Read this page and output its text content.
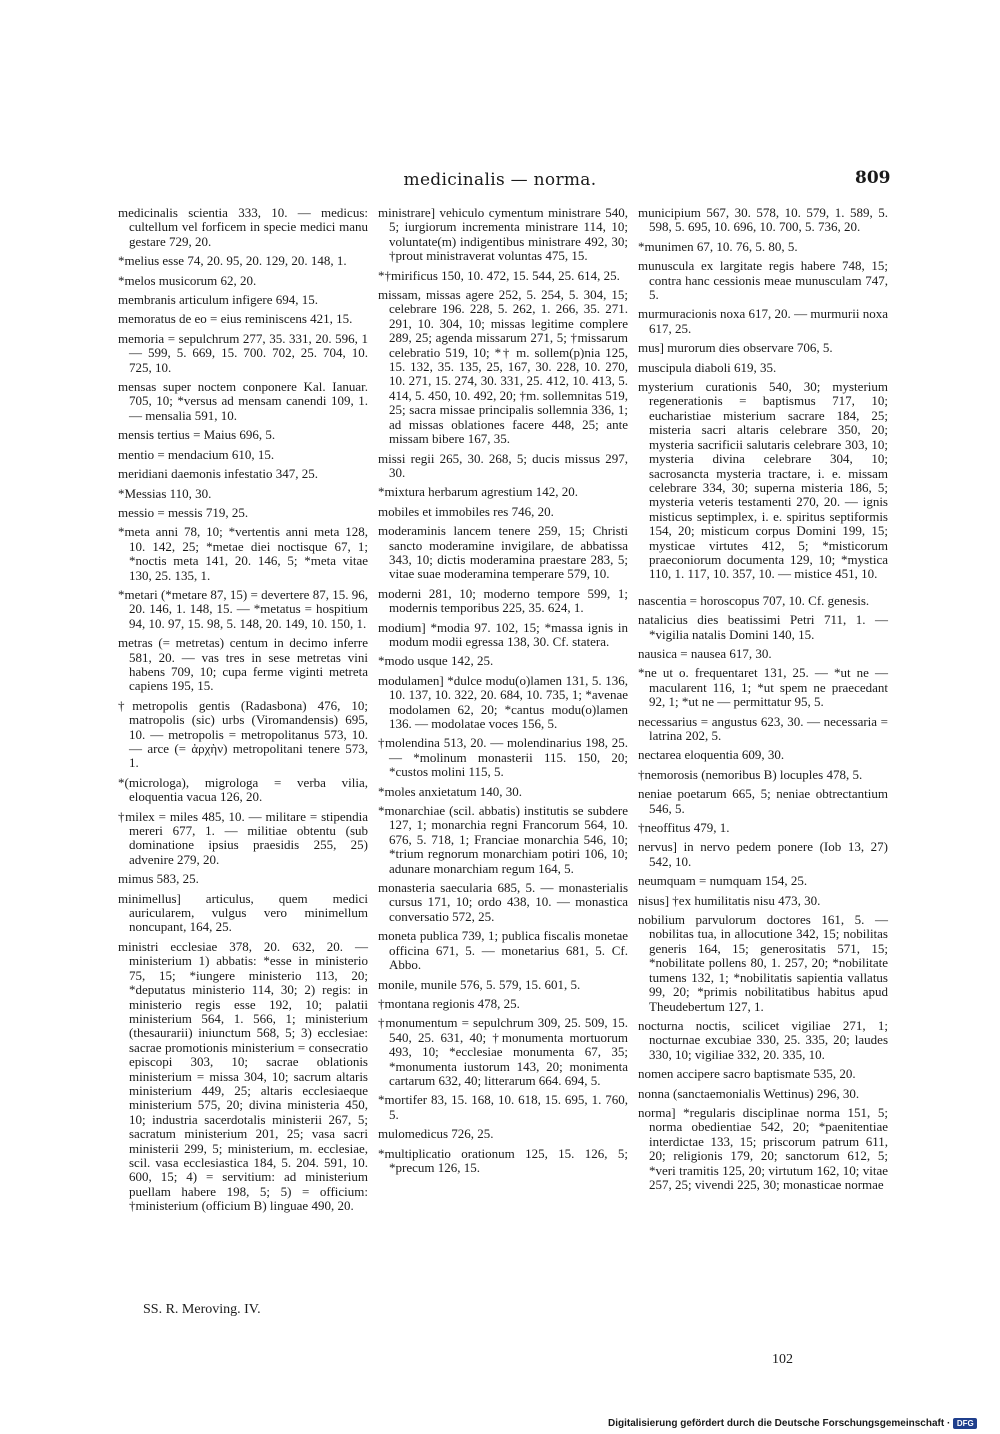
medicinalis — norma.	809

medicinalis scientia 333, 10. — medicus: cultellum vel forficem in specie medici manu gestare 729, 20.

*melius esse 74, 20. 95, 20. 129, 20. 148, 1.

*melos musicorum 62, 20.

membranis articulum infigere 694, 15.

memoratus de eo = eius reminiscens 421, 15.

memoria = sepulchrum 277, 35. 331, 20. 596, 1 — 599, 5. 669, 15. 700. 702, 25. 704, 10. 725, 10.

mensas super noctem conponere Kal. Ianuar. 705, 10; *versus ad mensam canendi 109, 1. — mensalia 591, 10.

mensis tertius = Maius 696, 5.

mentio = mendacium 610, 15.

meridiani daemonis infestatio 347, 25.

*Messias 110, 30.

messio = messis 719, 25.

*meta anni 78, 10; *vertentis anni meta 128, 10. 142, 25; *metae diei noctisque 67, 1; *noctis meta 141, 20. 146, 5; *meta vitae 130, 25. 135, 1.

*metari (*metare 87, 15) = devertere 87, 15. 96, 20. 146, 1. 148, 15. — *metatus = hospitium 94, 10. 97, 15. 98, 5. 148, 20. 149, 10. 150, 1.

metras (= metretas) centum in decimo inferre 581, 20. — vas tres in sese metretas vini habens 709, 10; cupa ferme viginti metreta capiens 195, 15.

†metropolis gentis (Radasbona) 476, 10; matropolis (sic) urbs (Viromandensis) 695, 10. — metropolis = metropolitanus 573, 10. — arce (= ἀρχὴν) metropolitani tenere 573, 1.

*(microloga), migrologa = verba vilia, eloquentia vacua 126, 20.

†milex = miles 485, 10. — militare = stipendia mereri 677, 1. — militiae obtentu (sub dominatione ipsius praesidis 255, 25) advenire 279, 20.

mimus 583, 25.

minimellus] articulus, quem medici auricularem, vulgus vero minimellum noncupant, 164, 25.

ministri ecclesiae 378, 20. 632, 20. — ministerium 1) abbatis: *esse in ministerio 75, 15; *iungere ministerio 113, 20; *deputatus ministerio 114, 30; 2) regis: in ministerio regis esse 192, 10; palatii ministerium 564, 1. 566, 1; ministerium (thesaurarii) iniunctum 568, 5; 3) ecclesiae: sacrae promotionis ministerium = consecratio episcopi 303, 10; sacrae oblationis ministerium = missa 304, 10; sacrum altaris ministerium 449, 25; altaris ecclesiaeque ministerium 575, 20; divina ministeria 450, 10; industria sacerdotalis ministerii 267, 5; sacratum ministerium 201, 25; vasa sacri ministerii 299, 5; ministerium, m. ecclesiae, scil. vasa ecclesiastica 184, 5. 204. 591, 10. 600, 15; 4) = servitium: ad ministerium puellam habere 198, 5; 5) = officium: †ministerium (officium B) linguae 490, 20.

ministrare] vehiculo cymentum ministrare 540, 5; iurgiorum incrementa ministrare 114, 10; voluntate(m) indigentibus ministrare 492, 30; †prout ministraverat voluntas 475, 15.

*†mirificus 150, 10. 472, 15. 544, 25. 614, 25.

missam, missas agere 252, 5. 254, 5. 304, 15; celebrare 196. 228, 5. 262, 1. 266, 35. 271. 291, 10. 304, 10; missas legitime complere 289, 25; agenda missarum 271, 5; †missarum celebratio 519, 10; *† m. sollem(p)nia 125, 15. 132, 35. 135, 25, 167, 30. 228, 10. 270, 10. 271, 15. 274, 30. 331, 25. 412, 10. 413, 5. 414, 5. 450, 10. 492, 20; †m. sollemnitas 519, 25; sacra missae principalis sollemnia 336, 1; ad missas oblationes facere 448, 25; ante missam bibere 167, 35.

missi regii 265, 30. 268, 5; ducis missus 297, 30.

*mixtura herbarum agrestium 142, 20.

mobiles et immobiles res 746, 20.

moderaminis lancem tenere 259, 15; Christi sancto moderamine invigilare, de abbatissa 343, 10; dictis moderamina praestare 283, 5; vitae suae moderamina temperare 579, 10.

moderni 281, 10; moderno tempore 599, 1; modernis temporibus 225, 35. 624, 1.

modium] *modia 97. 102, 15; *massa ignis in modum modii egressa 138, 30. Cf. statera.

*modo usque 142, 25.

modulamen] *dulce modu(o)lamen 131, 5. 136, 10. 137, 10. 322, 20. 684, 10. 735, 1; *avenae modolamen 62, 20; *cantus modu(o)lamen 136. — modolatae voces 156, 5.

†molendina 513, 20. — molendinarius 198, 25. — *molinum monasterii 115. 150, 20; *custos molini 115, 5.

*moles anxietatum 140, 30.

*monarchiae (scil. abbatis) institutis se subdere 127, 1; monarchia regni Francorum 564, 10. 676, 5. 718, 1; Franciae monarchia 546, 10; *trium regnorum monarchiam potiri 106, 10; adunare monarchiam regum 164, 5.

monasteria saecularia 685, 5. — monasterialis cursus 171, 10; ordo 438, 10. — monastica conversatio 572, 25.

moneta publica 739, 1; publica fiscalis monetae officina 671, 5. — monetarius 681, 5. Cf. Abbo.

monile, munile 576, 5. 579, 15. 601, 5.

†montana regionis 478, 25.

†monumentum = sepulchrum 309, 25. 509, 15. 540, 25. 631, 40; †monumenta mortuorum 493, 10; *ecclesiae monumenta 67, 35; *monumenta iustorum 143, 20; monimenta cartarum 632, 40; litterarum 664. 694, 5.

*mortifer 83, 15. 168, 10. 618, 15. 695, 1. 760, 5.

mulomedicus 726, 25.

*multiplicatio orationum 125, 15. 126, 5; *precum 126, 15.

municipium 567, 30. 578, 10. 579, 1. 589, 5. 598, 5. 695, 10. 696, 10. 700, 5. 736, 20.

*munimen 67, 10. 76, 5. 80, 5.

munuscula ex largitate regis habere 748, 15; contra hanc cessionis meae munusculam 747, 5.

murmuracionis noxa 617, 20. — murmurii noxa 617, 25.

mus] murorum dies observare 706, 5.

muscipula diaboli 619, 35.

mysterium curationis 540, 30; mysterium regenerationis = baptismus 717, 10; eucharistiae misterium sacrare 184, 25; misteria sacri altaris celebrare 350, 20; mysteria sacrificii salutaris celebrare 303, 10; mysteria divina celebrare 304, 10; sacrosancta mysteria tractare, i. e. missam celebrare 334, 30; superna misteria 186, 5; mysteria veteris testamenti 270, 20. — ignis misticus septimplex, i. e. spiritus septiformis 154, 20; misticum corpus Domini 199, 15; mysticae virtutes 412, 5; *misticorum praeconiorum documenta 129, 10; *mystica 110, 1. 117, 10. 357, 10. — mistice 451, 10.

nascentia = horoscopus 707, 10. Cf. genesis.

natalicius dies beatissimi Petri 711, 1. — *vigilia natalis Domini 140, 15.

nausica = nausea 617, 30.

*ne ut o. frequentaret 131, 25. — *ut ne — macularent 116, 1; *ut spem ne praecedant 92, 1; *ut ne — permittatur 95, 5.

necessarius = angustus 623, 30. — necessaria = latrina 202, 5.

nectarea eloquentia 609, 30.

†nemorosis (nemoribus B) locuples 478, 5.

neniae poetarum 665, 5; neniae obtrectantium 546, 5.

†neoffitus 479, 1.

nervus] in nervo pedem ponere (Iob 13, 27) 542, 10.

neumquam = numquam 154, 25.

nisus] †ex humilitatis nisu 473, 30.

nobilium parvulorum doctores 161, 5. — nobilitas tua, in allocutione 342, 15; nobilitas generis 164, 15; generositatis 571, 15; *nobilitate pollens 80, 1. 257, 20; *nobilitate tumens 132, 1; *nobilitatis sapientia vallatus 99, 20; *primis nobilitatibus habitus apud Theudebertum 127, 1.

nocturna noctis, scilicet vigiliae 271, 1; nocturnae excubiae 330, 25. 335, 20; laudes 330, 10; vigiliae 332, 20. 335, 10.

nomen accipere sacro baptismate 535, 20.

nonna (sanctaemonialis Wettinus) 296, 30.

norma] *regularis disciplinae norma 151, 5; norma obedientiae 542, 20; *paenitentiae interdictae 133, 15; priscorum patrum 611, 20; religionis 179, 20; sanctorum 612, 5; *veri tramitis 125, 20; virtutum 162, 10; vitae 257, 25; vivendi 225, 30; monasticae normae

SS. R. Meroving. IV.
102
Digitalisierung gefördert durch die Deutsche Forschungsgemeinschaft · DFG
